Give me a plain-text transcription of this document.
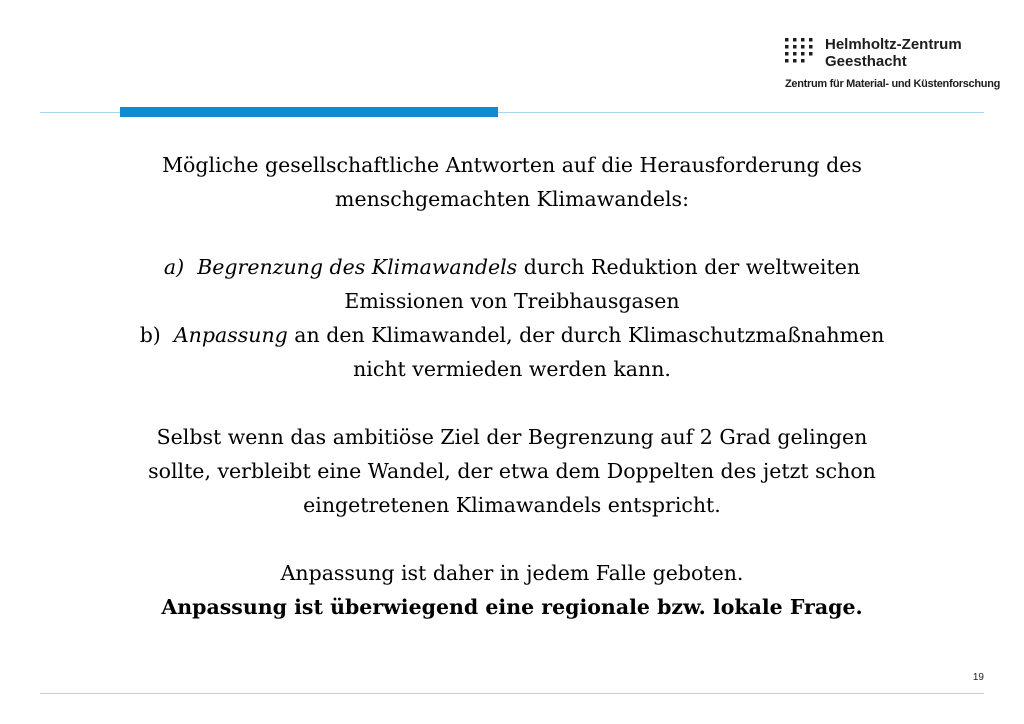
Helmholtz-Zentrum
Geesthacht
Zentrum für Material- und Küstenforschung

Mögliche gesellschaftliche Antworten auf die Herausforderung des

menschgemachten Klimawandels:

a) Begrenzung des Klimawandels durch Reduktion der weltweiten

Emissionen von Treibhausgasen

b) Anpassung an den Klimawandel, der durch Klimaschutzmaßnahmen

nicht vermieden werden kann.

Selbst wenn das ambitiöse Ziel der Begrenzung auf 2 Grad gelingen

sollte, verbleibt eine Wandel, der etwa dem Doppelten des jetzt schon

eingetretenen Klimawandels entspricht.

Anpassung ist daher in jedem Falle geboten.

Anpassung ist überwiegend eine regionale bzw. lokale Frage.

19
